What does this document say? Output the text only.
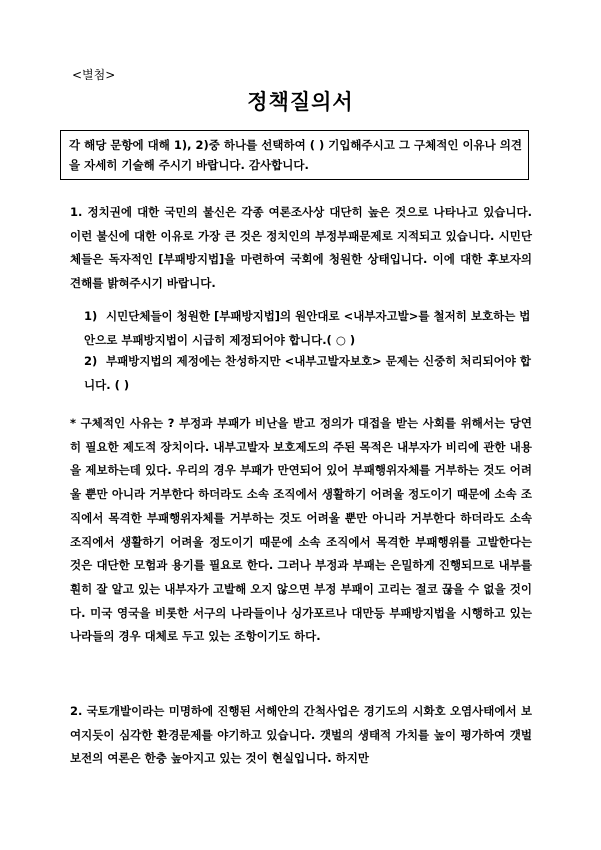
<별첨>
정책질의서
각 해당 문항에 대해 1), 2)중 하나를 선택하여 ( ) 기입해주시고 그 구체적인 이유나 의견을 자세히 기술해 주시기 바랍니다. 감사합니다.
1. 정치권에 대한 국민의 불신은 각종 여론조사상 대단히 높은 것으로 나타나고 있습니다. 이런 불신에 대한 이유로 가장 큰 것은 정치인의 부정부패문제로 지적되고 있습니다. 시민단체들은 독자적인 [부패방지법]을 마련하여 국회에 청원한 상태입니다. 이에 대한 후보자의 견해를 밝혀주시기 바랍니다.
1) 시민단체들이 청원한 [부패방지법]의 원안대로 <내부자고발>를 철저히 보호하는 법안으로 부패방지법이 시급히 제정되어야 합니다.( ○ )
2) 부패방지법의 제정에는 찬성하지만 <내부고발자보호> 문제는 신중히 처리되어야 합니다. ( )
* 구체적인 사유는 ? 부정과 부패가 비난을 받고 정의가 대접을 받는 사회를 위해서는 당연히 필요한 제도적 장치이다. 내부고발자 보호제도의 주된 목적은 내부자가 비리에 관한 내용을 제보하는데 있다. 우리의 경우 부패가 만연되어 있어 부패행위자체를 거부하는 것도 어려울 뿐만 아니라 거부한다 하더라도 소속 조직에서 생활하기 어려울 정도이기 때문에 소속 조직에서 목격한 부패행위자체를 거부하는 것도 어려울 뿐만 아니라 거부한다 하더라도 소속 조직에서 생활하기 어려울 정도이기 때문에 소속 조직에서 목격한 부패행위를 고발한다는 것은 대단한 모험과 용기를 필요로 한다. 그러나 부정과 부패는 은밀하게 진행되므로 내부를 훤히 잘 알고 있는 내부자가 고발해 오지 않으면 부정 부패이 고리는 절코 끊을 수 없을 것이다. 미국 영국을 비롯한 서구의 나라들이나 싱가포르나 대만등 부패방지법을 시행하고 있는 나라들의 경우 대체로 두고 있는 조항이기도 하다.
2. 국토개발이라는 미명하에 진행된 서해안의 간척사업은 경기도의 시화호 오염사태에서 보여지듯이 심각한 환경문제를 야기하고 있습니다. 갯벌의 생태적 가치를 높이 평가하여 갯벌 보전의 여론은 한층 높아지고 있는 것이 현실입니다. 하지만
